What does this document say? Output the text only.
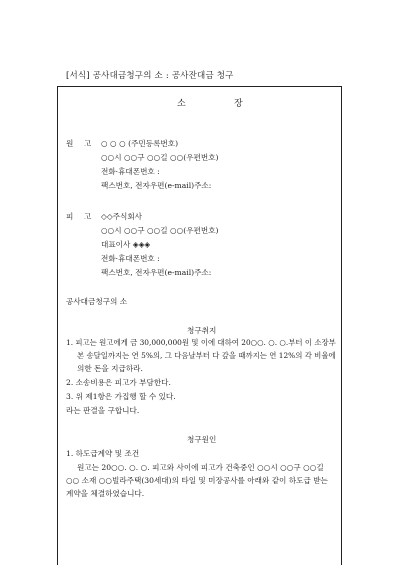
[서식] 공사대금청구의 소 : 공사잔대금 청구
소	장
원 고 ○ ○ ○ (주민등록번호)
○○시 ○○구 ○○길 ○○(우편번호)
전화·휴대폰번호 :
팩스번호, 전자우편(e-mail)주소:
피 고 ◇◇주식회사
○○시 ○○구 ○○길 ○○(우편번호)
대표이사 ◈◈◈
전화·휴대폰번호 :
팩스번호, 전자우편(e-mail)주소:
공사대금청구의 소
청구취지
1. 피고는 원고에게 금 30,000,000원 및 이에 대하여 20○○. ○. ○.부터 이 소장부
본 송달일까지는 연 5%의, 그 다음날부터 다 갚을 때까지는 연 12%의 각 비율에
의한 돈을 지급하라.
2. 소송비용은 피고가 부담한다.
3. 위 제1항은 가집행 할 수 있다.
라는 판결을 구합니다.
청구원인
1. 하도급계약 및 조건
원고는 20○○. ○. ○. 피고와 사이에 피고가 건축중인 ○○시 ○○구 ○○길
○○ 소재 ○○빌라주택(30세대)의 타일 및 미장공사를 아래와 같이 하도급 받는
계약을 체결하였습니다.
